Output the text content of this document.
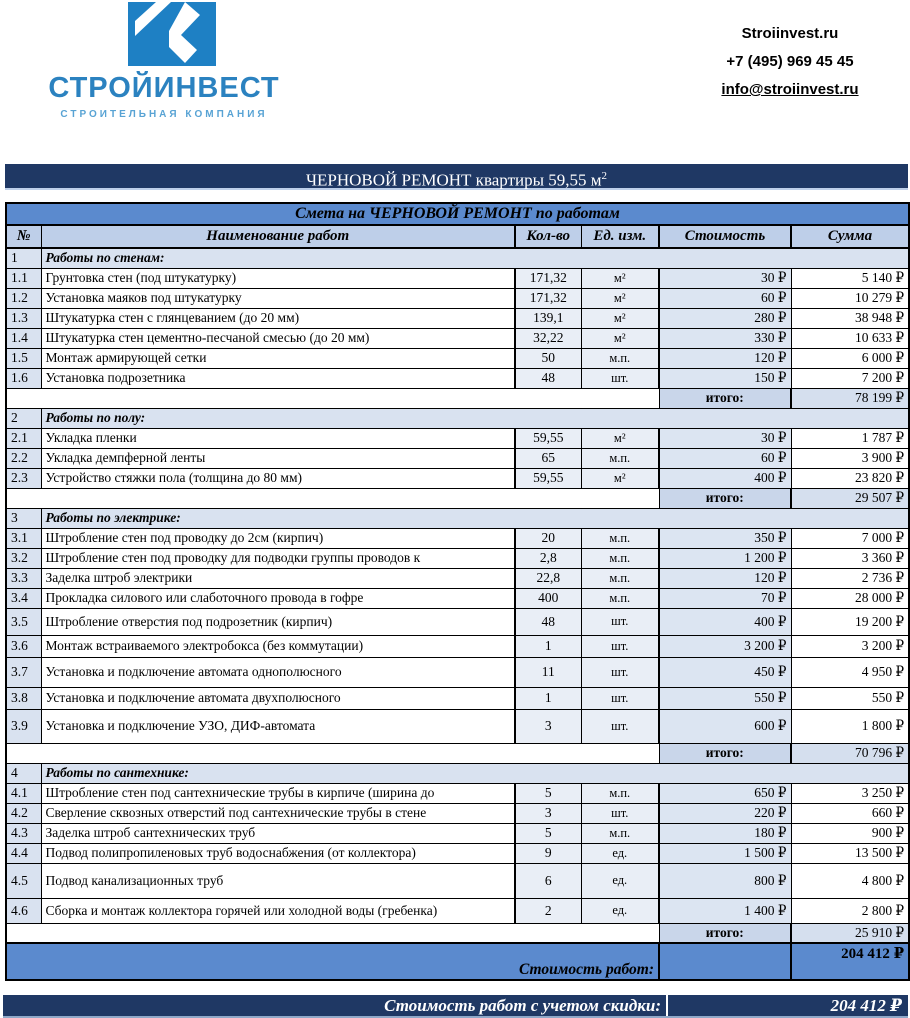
СТРОЙИНВЕСТ
СТРОИТЕЛЬНАЯ КОМПАНИЯ
Stroiinvest.ru
+7 (495) 969 45 45
info@stroiinvest.ru
ЧЕРНОВОЙ РЕМОНТ квартиры 59,55 $м^2$
Смета на ЧЕРНОВОЙ РЕМОНТ по работам					
№	Наименование работ	Кол-во	Ед. изм.	Стоимость	Сумма
1	Работы по стенам:				
1.1	Грунтовка стен (под штукатурку)	171,32	м²	30 ₽	5 140 ₽
1.2	Установка маяков под штукатурку	171,32	м²	60 ₽	10 279 ₽
1.3	Штукатурка стен с глянцеванием (до 20 мм)	139,1	м²	280 ₽	38 948 ₽
1.4	Штукатурка стен цементно-песчаной смесью (до 20 мм)	32,22	м²	330 ₽	10 633 ₽
1.5	Монтаж армирующей сетки	50	м.п.	120 ₽	6 000 ₽
1.6	Установка подрозетника	48	шт.	150 ₽	7 200 ₽
				итого:	78 199 ₽
2	Работы по полу:				
2.1	Укладка пленки	59,55	м²	30 ₽	1 787 ₽
2.2	Укладка демпферной ленты	65	м.п.	60 ₽	3 900 ₽
2.3	Устройство стяжки пола (толщина до 80 мм)	59,55	м²	400 ₽	23 820 ₽
				итого:	29 507 ₽
3	Работы по электрике:				
3.1	Штробление стен под проводку до 2см (кирпич)	20	м.п.	350 ₽	7 000 ₽
3.2	Штробление стен под проводку для подводки группы проводов к	2,8	м.п.	1 200 ₽	3 360 ₽
3.3	Заделка штроб электрики	22,8	м.п.	120 ₽	2 736 ₽
3.4	Прокладка силового или слаботочного провода в гофре	400	м.п.	70 ₽	28 000 ₽
3.5	Штробление отверстия под подрозетник (кирпич)	48	шт.	400 ₽	19 200 ₽
3.6	Монтаж встраиваемого электробокса (без коммутации)	1	шт.	3 200 ₽	3 200 ₽
3.7	Установка и подключение автомата однополюсного	11	шт.	450 ₽	4 950 ₽
3.8	Установка и подключение автомата двухполюсного	1	шт.	550 ₽	550 ₽
3.9	Установка и подключение УЗО, ДИФ-автомата	3	шт.	600 ₽	1 800 ₽
				итого:	70 796 ₽
4	Работы по сантехнике:				
4.1	Штробление стен под сантехнические трубы в кирпиче (ширина до	5	м.п.	650 ₽	3 250 ₽
4.2	Сверление сквозных отверстий под сантехнические трубы в стене	3	шт.	220 ₽	660 ₽
4.3	Заделка штроб сантехнических труб	5	м.п.	180 ₽	900 ₽
4.4	Подвод полипропиленовых труб водоснабжения (от коллектора)	9	ед.	1 500 ₽	13 500 ₽
4.5	Подвод канализационных труб	6	ед.	800 ₽	4 800 ₽
4.6	Сборка и монтаж коллектора горячей или холодной воды (гребенка)	2	ед.	1 400 ₽	2 800 ₽
				итого:	25 910 ₽
Стоимость работ:					204 412 ₽
Стоимость работ с учетом скидки:	204 412 ₽
